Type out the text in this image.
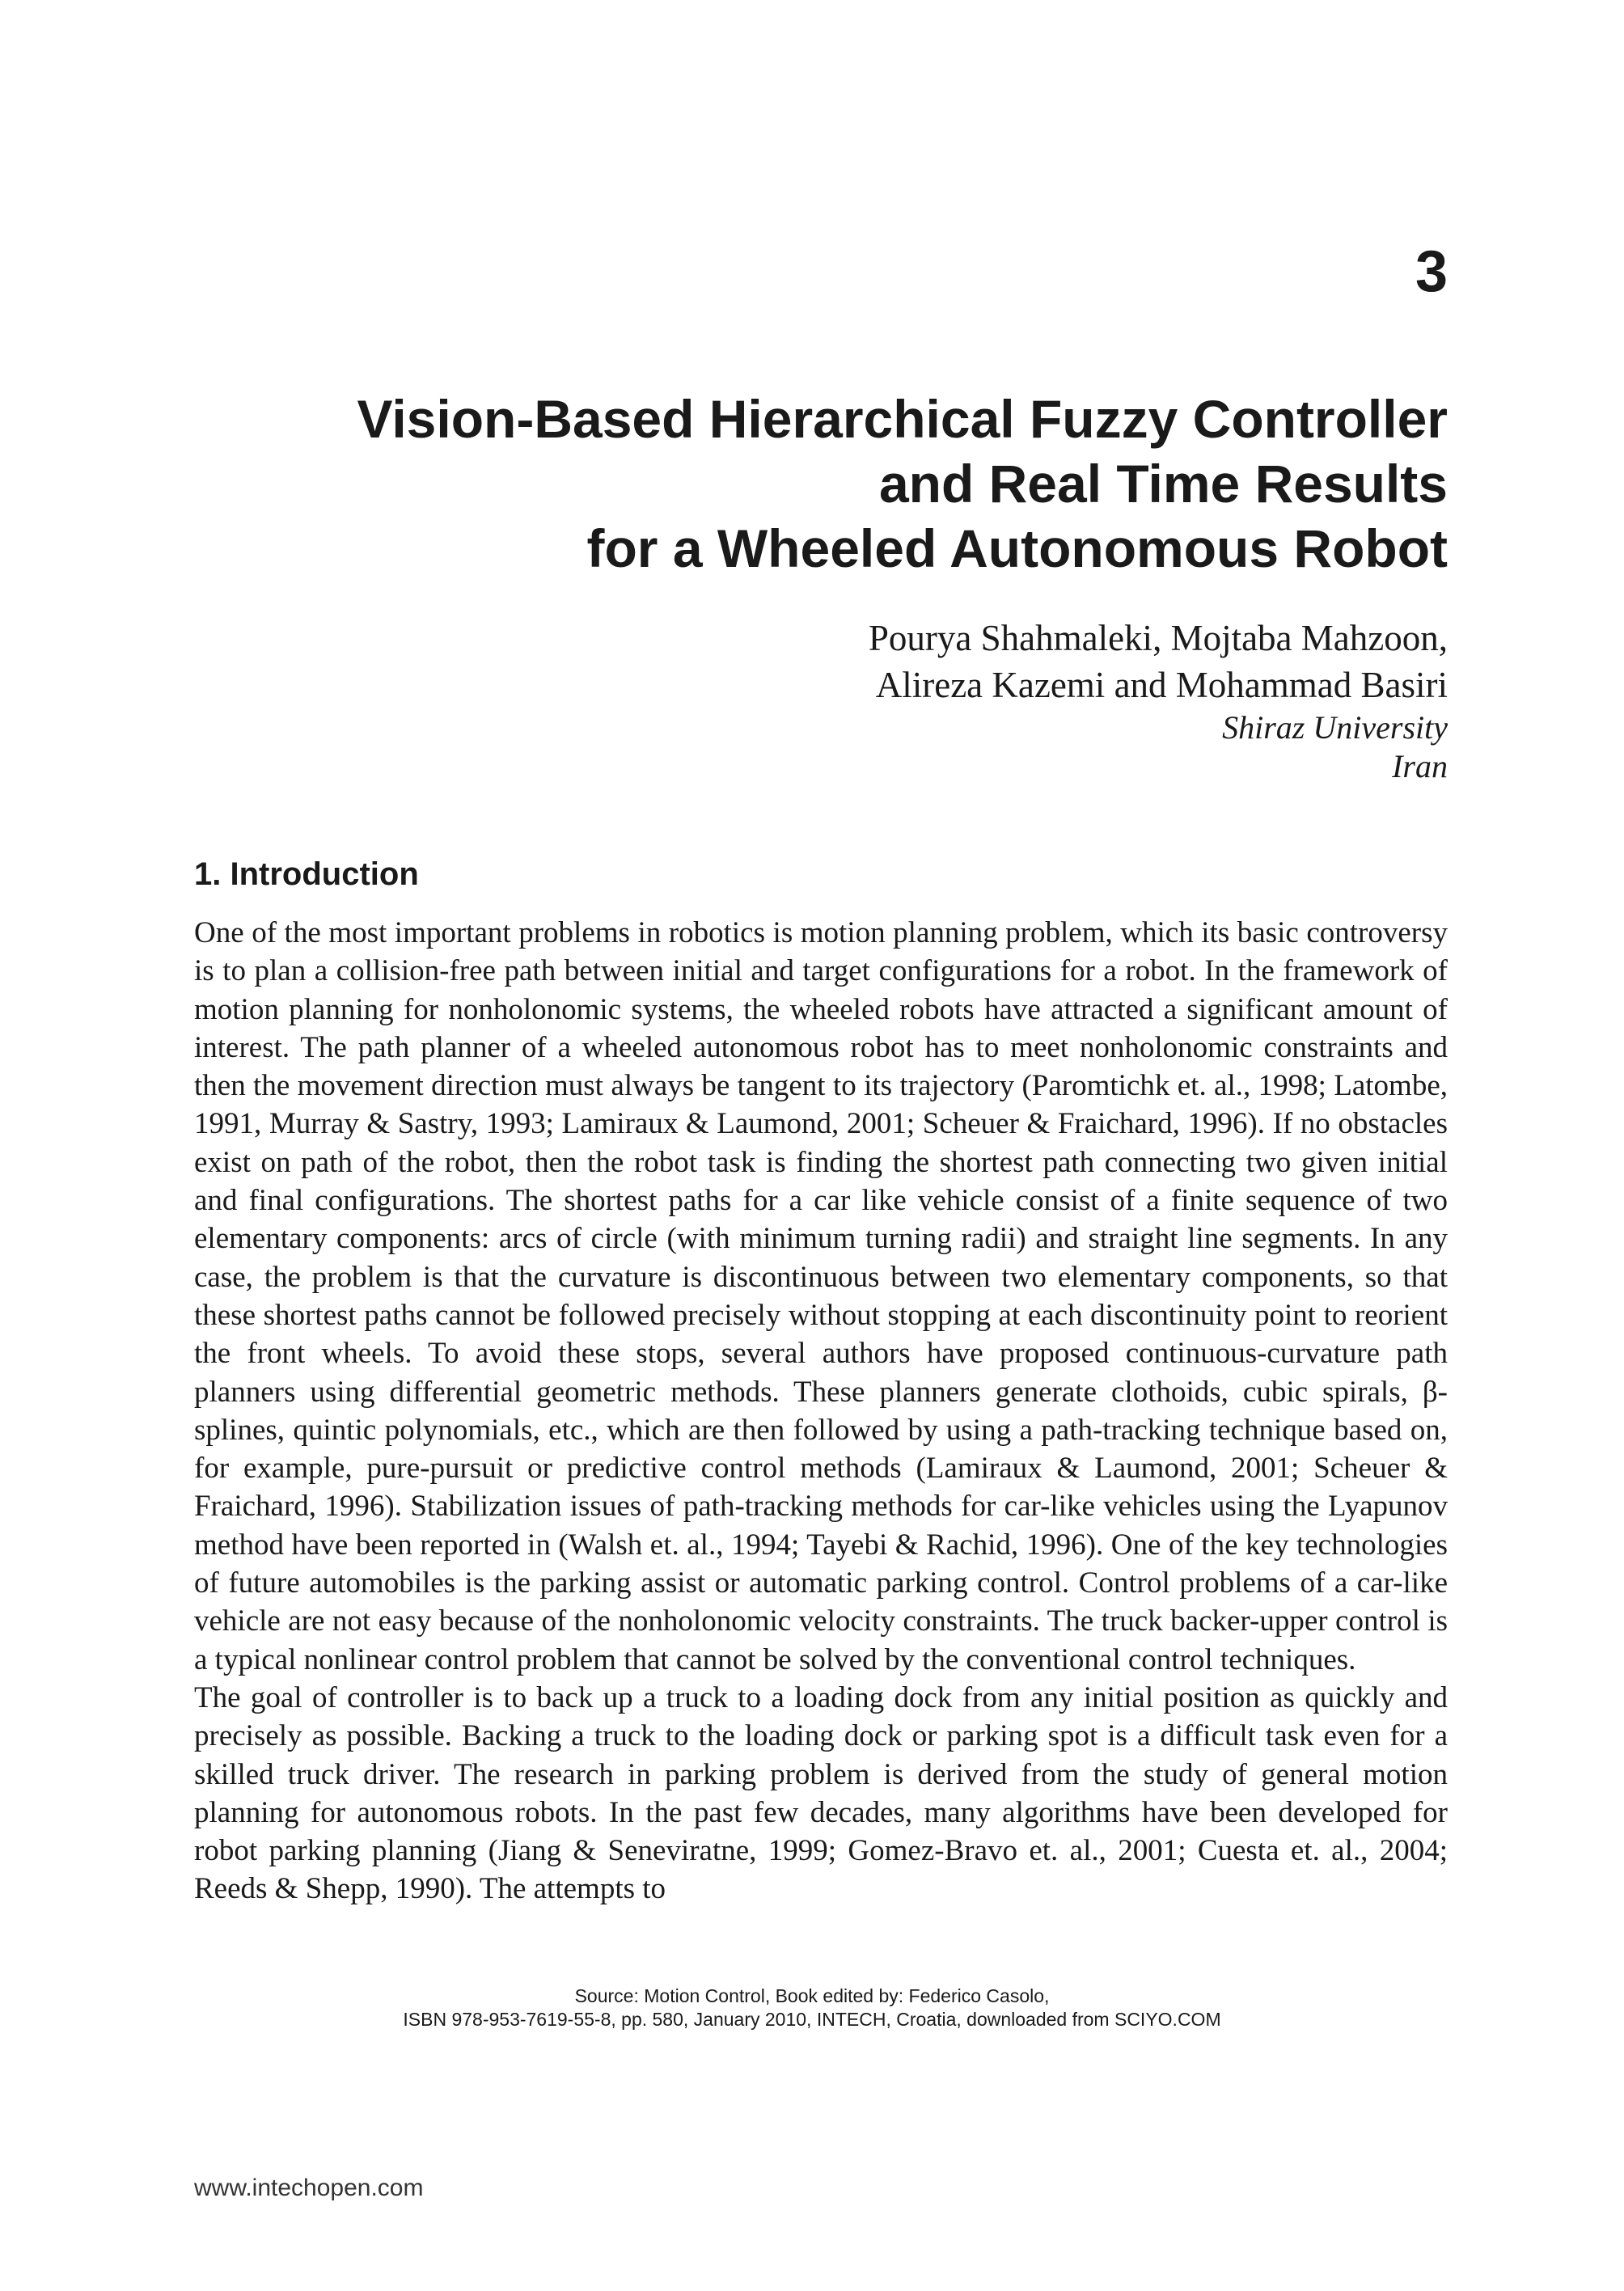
3
Vision-Based Hierarchical Fuzzy Controller
and Real Time Results
for a Wheeled Autonomous Robot
Pourya Shahmaleki, Mojtaba Mahzoon,
Alireza Kazemi and Mohammad Basiri
Shiraz University
Iran
1. Introduction

One of the most important problems in robotics is motion planning problem, which its basic controversy is to plan a collision-free path between initial and target configurations for a robot. In the framework of motion planning for nonholonomic systems, the wheeled robots have attracted a significant amount of interest. The path planner of a wheeled autonomous robot has to meet nonholonomic constraints and then the movement direction must always be tangent to its trajectory (Paromtichk et. al., 1998; Latombe, 1991, Murray & Sastry, 1993; Lamiraux & Laumond, 2001; Scheuer & Fraichard, 1996). If no obstacles exist on path of the robot, then the robot task is finding the shortest path connecting two given initial and final configurations. The shortest paths for a car like vehicle consist of a finite sequence of two elementary components: arcs of circle (with minimum turning radii) and straight line segments. In any case, the problem is that the curvature is discontinuous between two elementary components, so that these shortest paths cannot be followed precisely without stopping at each discontinuity point to reorient the front wheels. To avoid these stops, several authors have proposed continuous-curvature path planners using differential geometric methods. These planners generate clothoids, cubic spirals, β-splines, quintic polynomials, etc., which are then followed by using a path-tracking technique based on, for example, pure-pursuit or predictive control methods (Lamiraux & Laumond, 2001; Scheuer & Fraichard, 1996). Stabilization issues of path-tracking methods for car-like vehicles using the Lyapunov method have been reported in (Walsh et. al., 1994; Tayebi & Rachid, 1996). One of the key technologies of future automobiles is the parking assist or automatic parking control. Control problems of a car-like vehicle are not easy because of the nonholonomic velocity constraints. The truck backer-upper control is a typical nonlinear control problem that cannot be solved by the conventional control techniques.

The goal of controller is to back up a truck to a loading dock from any initial position as quickly and precisely as possible. Backing a truck to the loading dock or parking spot is a difficult task even for a skilled truck driver. The research in parking problem is derived from the study of general motion planning for autonomous robots. In the past few decades, many algorithms have been developed for robot parking planning (Jiang & Seneviratne, 1999; Gomez-Bravo et. al., 2001; Cuesta et. al., 2004; Reeds & Shepp, 1990). The attempts to

Source: Motion Control, Book edited by: Federico Casolo,
ISBN 978-953-7619-55-8, pp. 580, January 2010, INTECH, Croatia, downloaded from SCIYO.COM
www.intechopen.com
